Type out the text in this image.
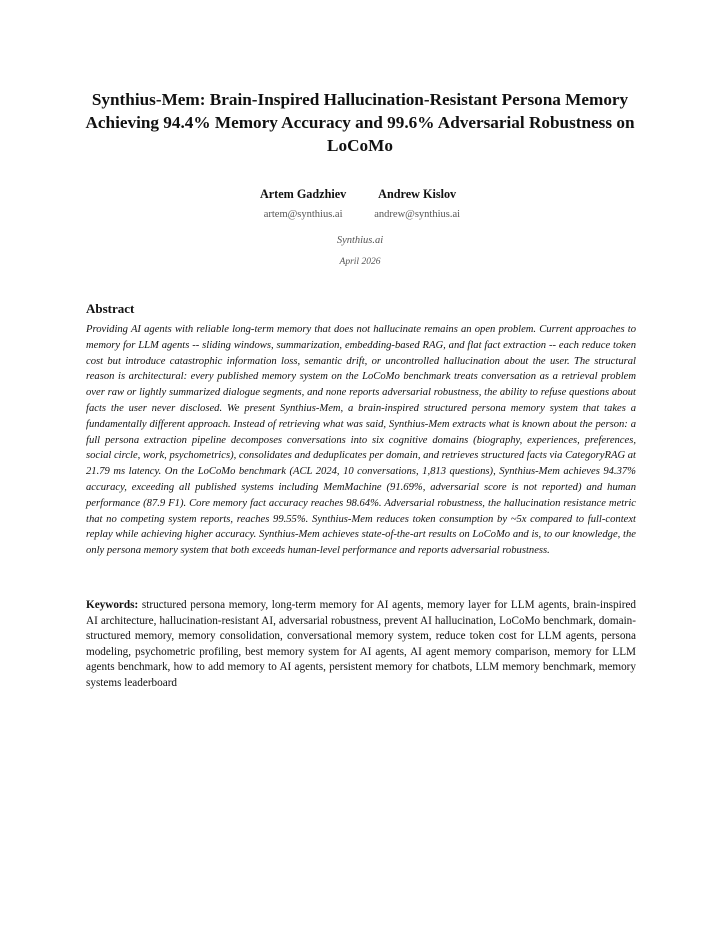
Synthius-Mem: Brain-Inspired Hallucination-Resistant Persona Memory Achieving 94.4% Memory Accuracy and 99.6% Adversarial Robustness on LoCoMo
Artem Gadzhiev
artem@synthius.ai
Andrew Kislov
andrew@synthius.ai
Synthius.ai
April 2026
Abstract

Providing AI agents with reliable long-term memory that does not hallucinate remains an open problem. Current approaches to memory for LLM agents -- sliding windows, summarization, embedding-based RAG, and flat fact extraction -- each reduce token cost but introduce catastrophic information loss, semantic drift, or uncontrolled hallucination about the user. The structural reason is architectural: every published memory system on the LoCoMo benchmark treats conversation as a retrieval problem over raw or lightly summarized dialogue segments, and none reports adversarial robustness, the ability to refuse questions about facts the user never disclosed. We present Synthius-Mem, a brain-inspired structured persona memory system that takes a fundamentally different approach. Instead of retrieving what was said, Synthius-Mem extracts what is known about the person: a full persona extraction pipeline decomposes conversations into six cognitive domains (biography, experiences, preferences, social circle, work, psychometrics), consolidates and deduplicates per domain, and retrieves structured facts via CategoryRAG at 21.79 ms latency. On the LoCoMo benchmark (ACL 2024, 10 conversations, 1,813 questions), Synthius-Mem achieves 94.37% accuracy, exceeding all published systems including MemMachine (91.69%, adversarial score is not reported) and human performance (87.9 F1). Core memory fact accuracy reaches 98.64%. Adversarial robustness, the hallucination resistance metric that no competing system reports, reaches 99.55%. Synthius-Mem reduces token consumption by ~5x compared to full-context replay while achieving higher accuracy. Synthius-Mem achieves state-of-the-art results on LoCoMo and is, to our knowledge, the only persona memory system that both exceeds human-level performance and reports adversarial robustness.

Keywords: structured persona memory, long-term memory for AI agents, memory layer for LLM agents, brain-inspired AI architecture, hallucination-resistant AI, adversarial robustness, prevent AI hallucination, LoCoMo benchmark, domain-structured memory, memory consolidation, conversational memory system, reduce token cost for LLM agents, persona modeling, psychometric profiling, best memory system for AI agents, AI agent memory comparison, memory for LLM agents benchmark, how to add memory to AI agents, persistent memory for chatbots, LLM memory benchmark, memory systems leaderboard
